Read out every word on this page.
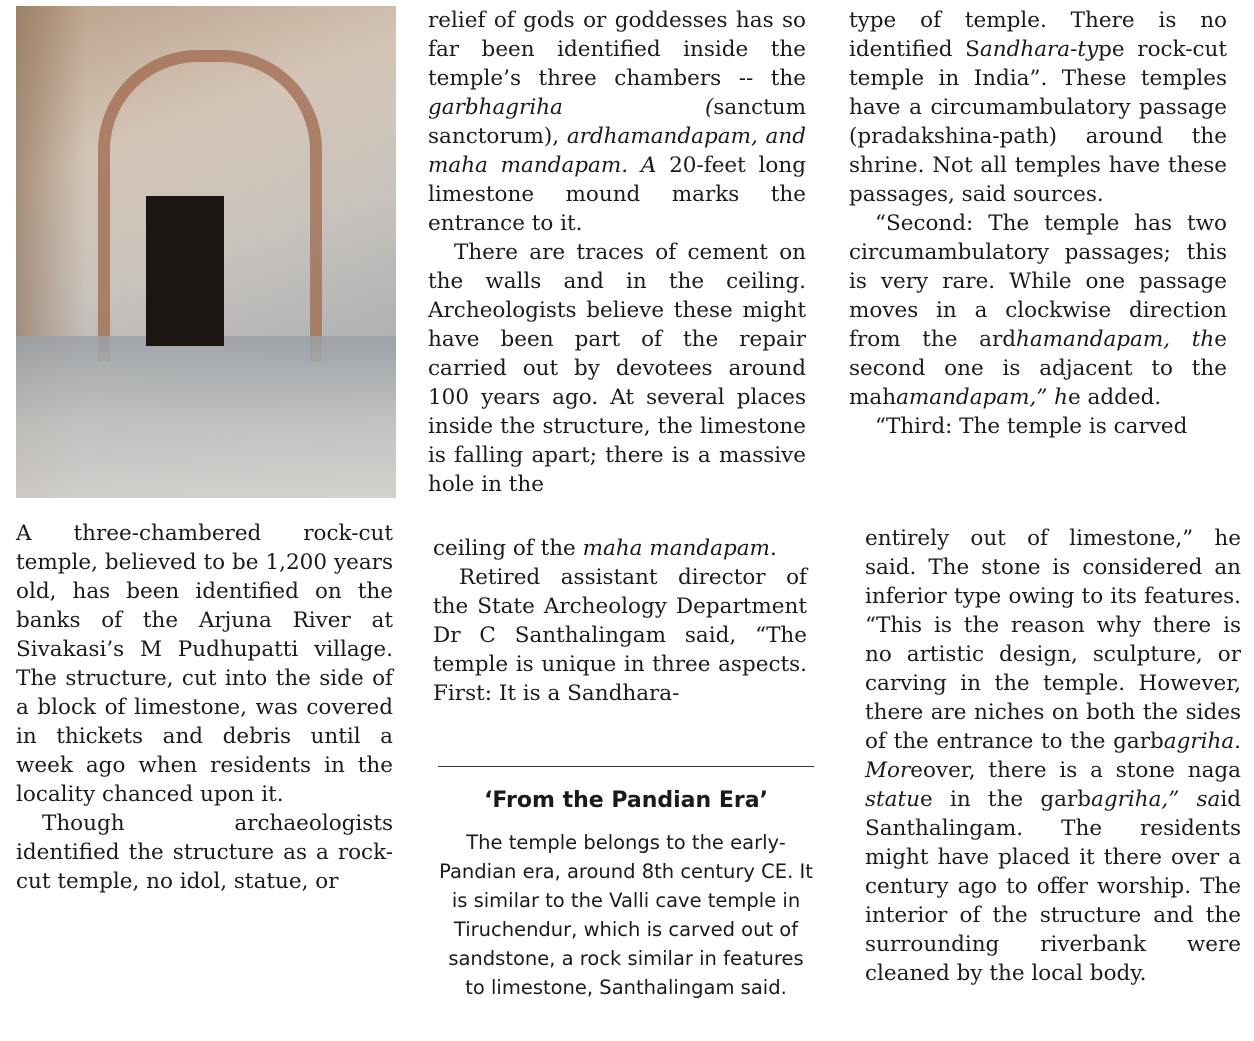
A three-chambered rock-cut temple, believed to be 1,200 years old, has been identified on the banks of the Arjuna River at Sivakasi’s M Pudhupatti village. The structure, cut into the side of a block of limestone, was covered in thickets and debris until a week ago when residents in the locality chanced upon it.

Though archaeologists identified the structure as a rock-cut temple, no idol, statue, or

relief of gods or goddesses has so far been identified inside the temple’s three chambers -- the garbhagriha (sanctum sanctorum), ardhamandapam, and maha mandapam. A 20-feet long limestone mound marks the entrance to it.

There are traces of cement on the walls and in the ceiling. Archeologists believe these might have been part of the repair carried out by devotees around 100 years ago. At several places inside the structure, the limestone is falling apart; there is a massive hole in the

ceiling of the maha mandapam.

Retired assistant director of the State Archeology Department Dr C Santhalingam said, “The temple is unique in three aspects. First: It is a Sandhara-

‘From the Pandian Era’
The temple belongs to the early-Pandian era, around 8th century CE. It is similar to the Valli cave temple in Tiruchendur, which is carved out of sandstone, a rock similar in features to limestone, Santhalingam said.

type of temple. There is no identified Sandhara-type rock-cut temple in India”. These temples have a circumambulatory passage (pradakshina-path) around the shrine. Not all temples have these passages, said sources.

“Second: The temple has two circumambulatory passages; this is very rare. While one passage moves in a clockwise direction from the ardhamandapam, the second one is adjacent to the mahamandapam,” he added.

“Third: The temple is carved

entirely out of limestone,” he said. The stone is considered an inferior type owing to its features. “This is the reason why there is no artistic design, sculpture, or carving in the temple. However, there are niches on both the sides of the entrance to the garbagriha. Moreover, there is a stone naga statue in the garbagriha,” said Santhalingam. The residents might have placed it there over a century ago to offer worship. The interior of the structure and the surrounding riverbank were cleaned by the local body.
